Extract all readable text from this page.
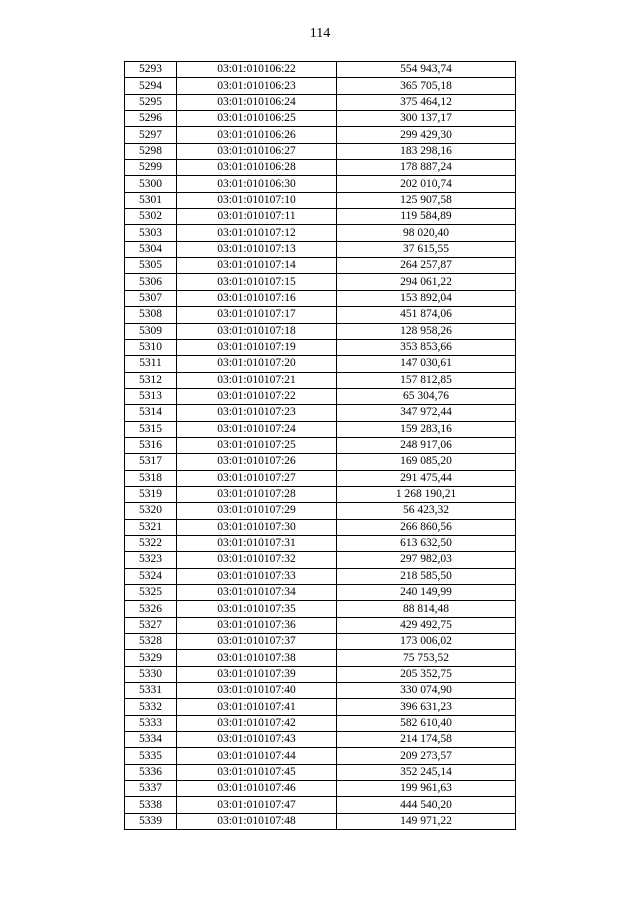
114
5293	03:01:010106:22	554 943,74
5294	03:01:010106:23	365 705,18
5295	03:01:010106:24	375 464,12
5296	03:01:010106:25	300 137,17
5297	03:01:010106:26	299 429,30
5298	03:01:010106:27	183 298,16
5299	03:01:010106:28	178 887,24
5300	03:01:010106:30	202 010,74
5301	03:01:010107:10	125 907,58
5302	03:01:010107:11	119 584,89
5303	03:01:010107:12	98 020,40
5304	03:01:010107:13	37 615,55
5305	03:01:010107:14	264 257,87
5306	03:01:010107:15	294 061,22
5307	03:01:010107:16	153 892,04
5308	03:01:010107:17	451 874,06
5309	03:01:010107:18	128 958,26
5310	03:01:010107:19	353 853,66
5311	03:01:010107:20	147 030,61
5312	03:01:010107:21	157 812,85
5313	03:01:010107:22	65 304,76
5314	03:01:010107:23	347 972,44
5315	03:01:010107:24	159 283,16
5316	03:01:010107:25	248 917,06
5317	03:01:010107:26	169 085,20
5318	03:01:010107:27	291 475,44
5319	03:01:010107:28	1 268 190,21
5320	03:01:010107:29	56 423,32
5321	03:01:010107:30	266 860,56
5322	03:01:010107:31	613 632,50
5323	03:01:010107:32	297 982,03
5324	03:01:010107:33	218 585,50
5325	03:01:010107:34	240 149,99
5326	03:01:010107:35	88 814,48
5327	03:01:010107:36	429 492,75
5328	03:01:010107:37	173 006,02
5329	03:01:010107:38	75 753,52
5330	03:01:010107:39	205 352,75
5331	03:01:010107:40	330 074,90
5332	03:01:010107:41	396 631,23
5333	03:01:010107:42	582 610,40
5334	03:01:010107:43	214 174,58
5335	03:01:010107:44	209 273,57
5336	03:01:010107:45	352 245,14
5337	03:01:010107:46	199 961,63
5338	03:01:010107:47	444 540,20
5339	03:01:010107:48	149 971,22
